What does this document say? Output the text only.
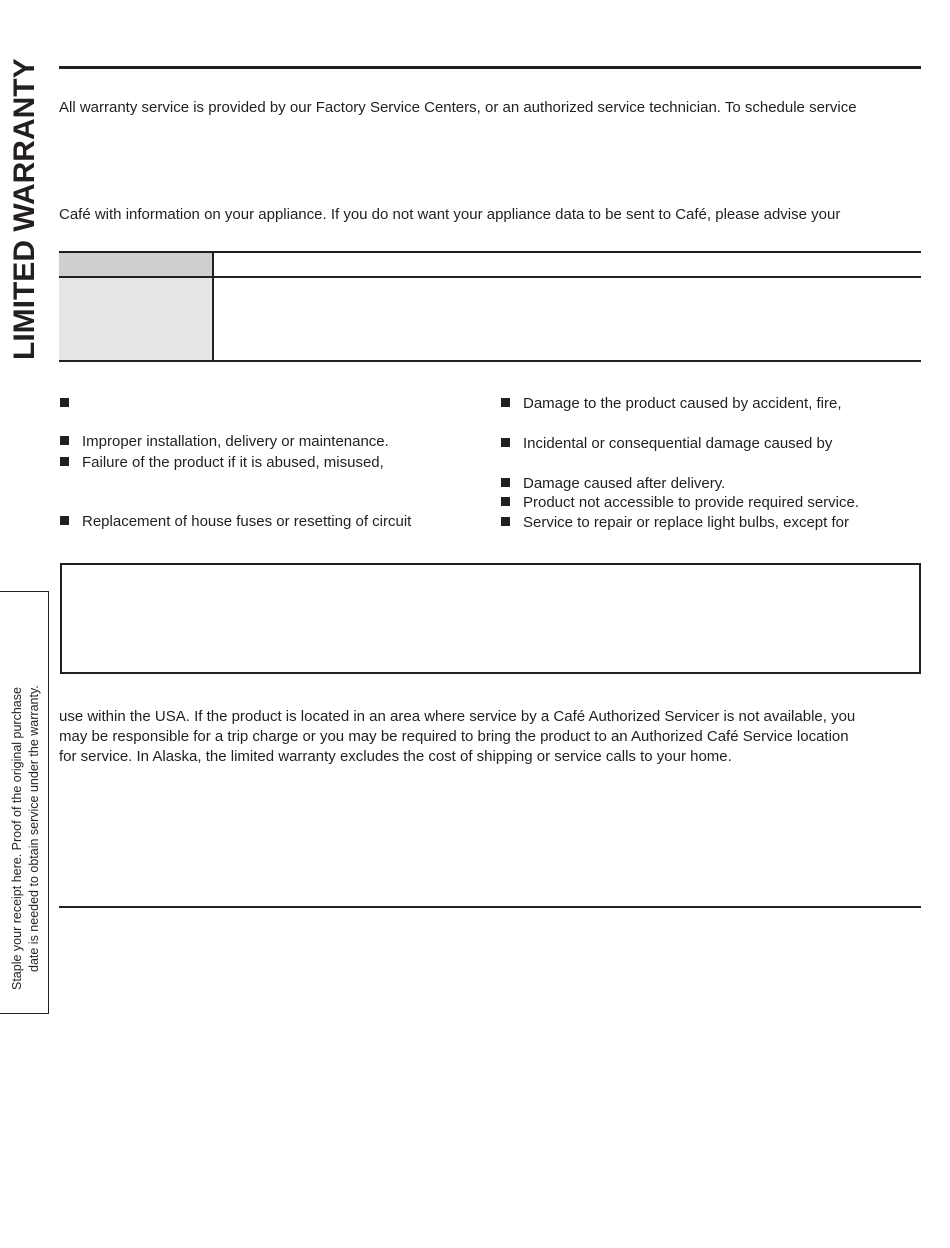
LIMITED WARRANTY All warranty service is provided by our Factory Service Centers, or an authorized service technician. To schedule service
Café with information on your appliance. If you do not want your appliance data to be sent to Café, please advise your
Improper installation, delivery or maintenance.
Failure of the product if it is abused, misused,
Replacement of house fuses or resetting of circuit
Damage to the product caused by accident, fire,
Incidental or consequential damage caused by
Damage caused after delivery.
Product not accessible to provide required service.
Service to repair or replace light bulbs, except for
use within the USA. If the product is located in an area where service by a Café Authorized Servicer is not available, you
may be responsible for a trip charge or you may be required to bring the product to an Authorized Café Service location
for service. In Alaska, the limited warranty excludes the cost of shipping or service calls to your home.
Staple your receipt here. Proof of the original purchase date is needed to obtain service under the warranty.
